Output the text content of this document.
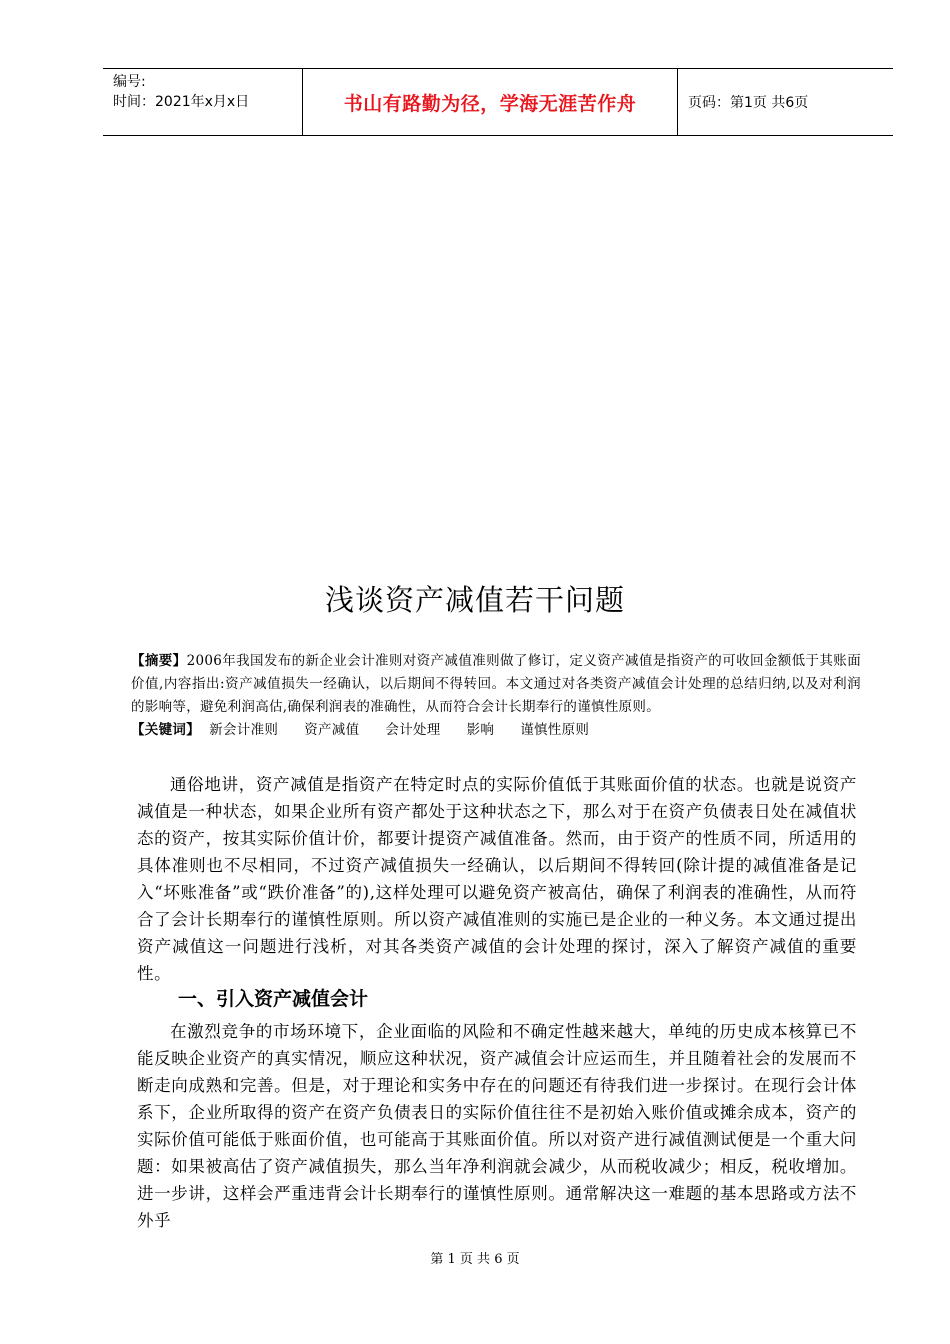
编号:
时间：2021年x月x日	书山有路勤为径，学海无涯苦作舟	页码：第1页 共6页
浅谈资产减值若干问题

【摘要】2006年我国发布的新企业会计准则对资产减值准则做了修订，定义资产减值是指资产的可收回金额低于其账面价值,内容指出:资产减值损失一经确认，以后期间不得转回。本文通过对各类资产减值会计处理的总结归纳,以及对利润的影响等，避免利润高估,确保利润表的准确性，从而符合会计长期奉行的谨慎性原则。

【关键词】 新会计准则 资产减值 会计处理 影响 谨慎性原则

通俗地讲，资产减值是指资产在特定时点的实际价值低于其账面价值的状态。也就是说资产减值是一种状态，如果企业所有资产都处于这种状态之下，那么对于在资产负债表日处在减值状态的资产，按其实际价值计价，都要计提资产减值准备。然而，由于资产的性质不同，所适用的具体准则也不尽相同，不过资产减值损失一经确认，以后期间不得转回(除计提的减值准备是记入“坏账准备”或“跌价准备”的),这样处理可以避免资产被高估，确保了利润表的准确性，从而符合了会计长期奉行的谨慎性原则。所以资产减值准则的实施已是企业的一种义务。本文通过提出资产减值这一问题进行浅析，对其各类资产减值的会计处理的探讨，深入了解资产减值的重要性。

一、引入资产减值会计

在激烈竞争的市场环境下，企业面临的风险和不确定性越来越大，单纯的历史成本核算已不能反映企业资产的真实情况，顺应这种状况，资产减值会计应运而生，并且随着社会的发展而不断走向成熟和完善。但是，对于理论和实务中存在的问题还有待我们进一步探讨。在现行会计体系下，企业所取得的资产在资产负债表日的实际价值往往不是初始入账价值或摊余成本，资产的实际价值可能低于账面价值，也可能高于其账面价值。所以对资产进行减值测试便是一个重大问题：如果被高估了资产减值损失，那么当年净利润就会减少，从而税收减少；相反，税收增加。进一步讲，这样会严重违背会计长期奉行的谨慎性原则。通常解决这一难题的基本思路或方法不外乎

第 1 页 共 6 页
